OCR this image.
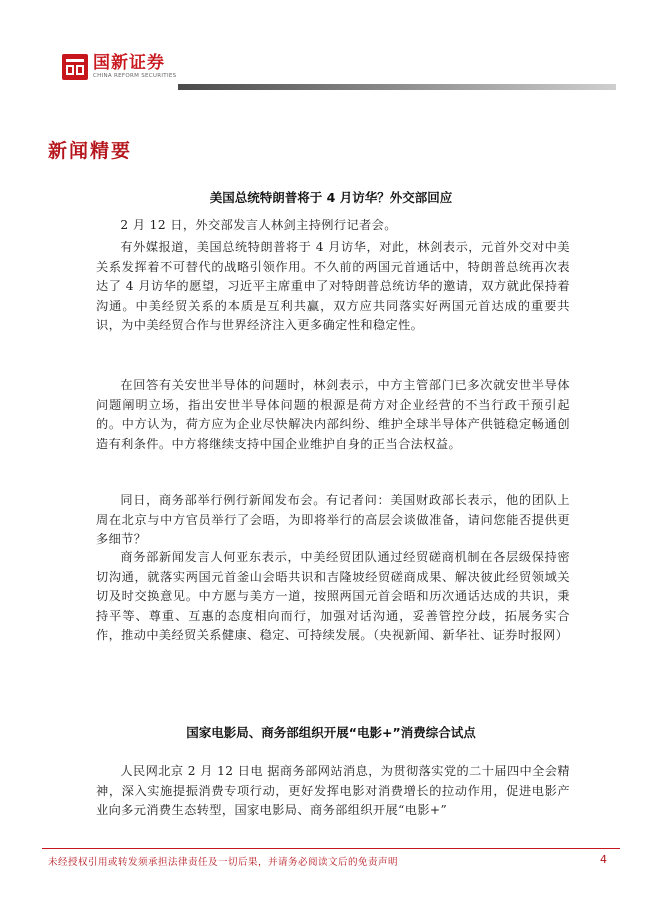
国新证券
CHINA REFORM SECURITIES
新闻精要
美国总统特朗普将于 4 月访华？外交部回应

2 月 12 日，外交部发言人林剑主持例行记者会。

有外媒报道，美国总统特朗普将于 4 月访华，对此，林剑表示，元首外交对中美关系发挥着不可替代的战略引领作用。不久前的两国元首通话中，特朗普总统再次表达了 4 月访华的愿望，习近平主席重申了对特朗普总统访华的邀请，双方就此保持着沟通。中美经贸关系的本质是互利共赢，双方应共同落实好两国元首达成的重要共识，为中美经贸合作与世界经济注入更多确定性和稳定性。

在回答有关安世半导体的问题时，林剑表示，中方主管部门已多次就安世半导体问题阐明立场，指出安世半导体问题的根源是荷方对企业经营的不当行政干预引起的。中方认为，荷方应为企业尽快解决内部纠纷、维护全球半导体产供链稳定畅通创造有利条件。中方将继续支持中国企业维护自身的正当合法权益。

同日，商务部举行例行新闻发布会。有记者问：美国财政部长表示，他的团队上周在北京与中方官员举行了会晤，为即将举行的高层会谈做准备，请问您能否提供更多细节？

商务部新闻发言人何亚东表示，中美经贸团队通过经贸磋商机制在各层级保持密切沟通，就落实两国元首釜山会晤共识和吉隆坡经贸磋商成果、解决彼此经贸领域关切及时交换意见。中方愿与美方一道，按照两国元首会晤和历次通话达成的共识，秉持平等、尊重、互惠的态度相向而行，加强对话沟通，妥善管控分歧，拓展务实合作，推动中美经贸关系健康、稳定、可持续发展。（央视新闻、新华社、证券时报网）

国家电影局、商务部组织开展“电影+”消费综合试点

人民网北京 2 月 12 日电 据商务部网站消息，为贯彻落实党的二十届四中全会精神，深入实施提振消费专项行动，更好发挥电影对消费增长的拉动作用，促进电影产业向多元消费生态转型，国家电影局、商务部组织开展“电影+”

未经授权引用或转发须承担法律责任及一切后果，并请务必阅读文后的免责声明	4
